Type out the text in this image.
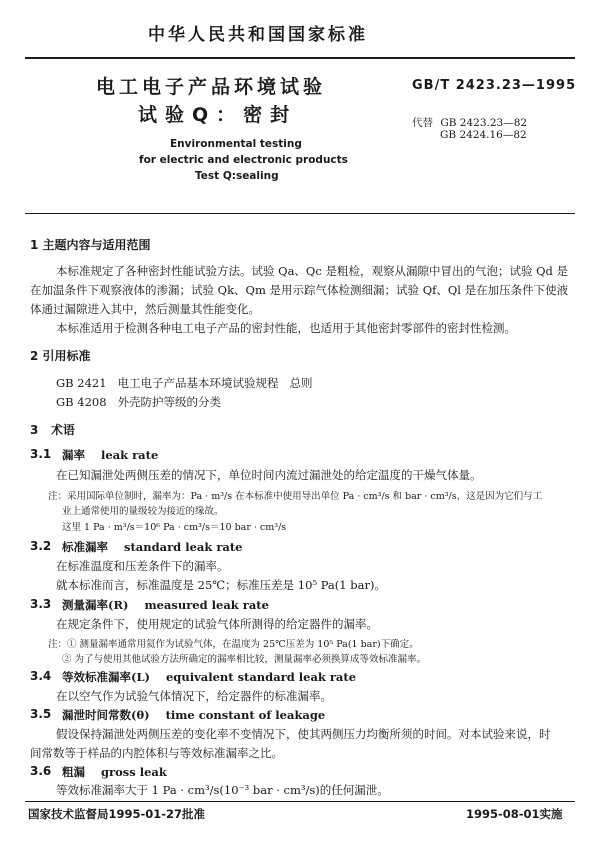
中华人民共和国国家标准
电工电子产品环境试验
试验Q：密封
GB/T 2423.23—1995
代替 GB 2423.23—82
GB 2424.16—82
Environmental testing
for electric and electronic products
Test Q:sealing
1 主题内容与适用范围
本标准规定了各种密封性能试验方法。试验 Qa、Qc 是粗检，观察从漏隙中冒出的气泡；试验 Qd 是
在加温条件下观察液体的渗漏；试验 Qk、Qm 是用示踪气体检测细漏；试验 Qf、Ql 是在加压条件下使液
体通过漏隙进入其中，然后测量其性能变化。
本标准适用于检测各种电工电子产品的密封性能，也适用于其他密封零部件的密封性检测。
2 引用标准
GB 2421   电工电子产品基本环境试验规程   总则
GB 4208   外壳防护等级的分类
3   术语
3.1 漏率    leak rate
在已知漏泄处两侧压差的情况下，单位时间内流过漏泄处的给定温度的干燥气体量。
注：采用国际单位制时，漏率为：Pa · m³/s 在本标准中使用导出单位 Pa · cm³/s 和 bar · cm³/s，这是因为它们与工
业上通常使用的量级较为接近的缘故。
这里 1 Pa · m³/s＝10⁶ Pa · cm³/s＝10 bar · cm³/s
3.2 标准漏率    standard leak rate
在标准温度和压差条件下的漏率。
就本标准而言，标准温度是 25℃；标准压差是 10⁵ Pa(1 bar)。
3.3 测量漏率(R)    measured leak rate
在规定条件下，使用规定的试验气体所测得的给定器件的漏率。
注：① 测量漏率通常用氦作为试验气体，在温度为 25℃压差为 10⁵ Pa(1 bar)下确定。
② 为了与使用其他试验方法所确定的漏率相比较，测量漏率必须换算成等效标准漏率。
3.4 等效标准漏率(L)    equivalent standard leak rate
在以空气作为试验气体情况下，给定器件的标准漏率。
3.5 漏泄时间常数(θ)    time constant of leakage
假设保持漏泄处两侧压差的变化率不变情况下，使其两侧压力均衡所须的时间。对本试验来说，时
间常数等于样品的内腔体积与等效标准漏率之比。
3.6 粗漏    gross leak
等效标准漏率大于 1 Pa · cm³/s(10⁻³ bar · cm³/s)的任何漏泄。
国家技术监督局1995-01-27批准	1995-08-01实施
